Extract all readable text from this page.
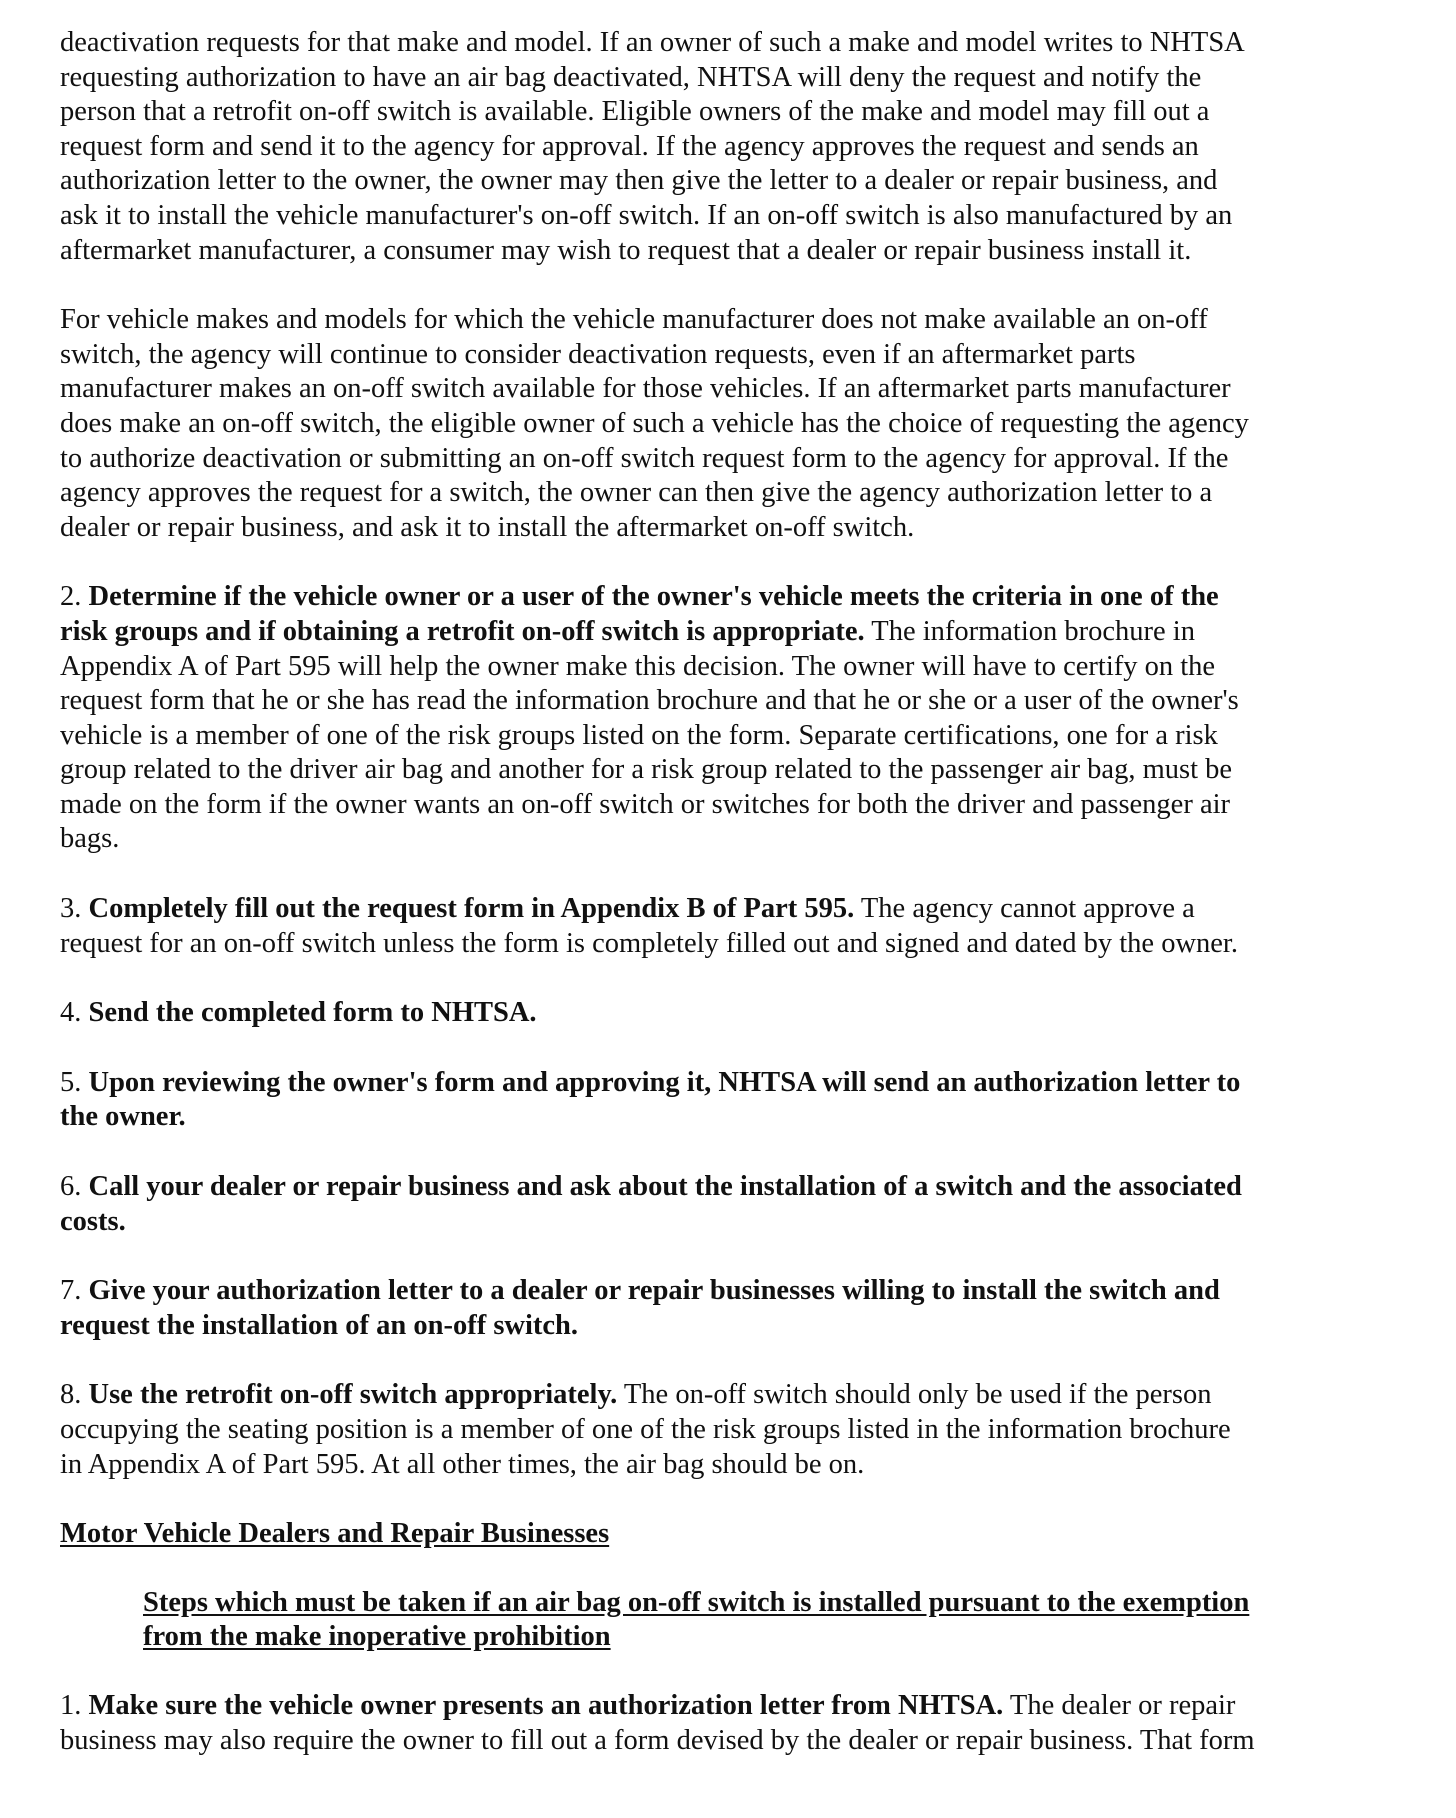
deactivation requests for that make and model. If an owner of such a make and model writes to NHTSA
requesting authorization to have an air bag deactivated, NHTSA will deny the request and notify the
person that a retrofit on-off switch is available. Eligible owners of the make and model may fill out a
request form and send it to the agency for approval. If the agency approves the request and sends an
authorization letter to the owner, the owner may then give the letter to a dealer or repair business, and
ask it to install the vehicle manufacturer's on-off switch. If an on-off switch is also manufactured by an
aftermarket manufacturer, a consumer may wish to request that a dealer or repair business install it.

For vehicle makes and models for which the vehicle manufacturer does not make available an on-off
switch, the agency will continue to consider deactivation requests, even if an aftermarket parts
manufacturer makes an on-off switch available for those vehicles. If an aftermarket parts manufacturer
does make an on-off switch, the eligible owner of such a vehicle has the choice of requesting the agency
to authorize deactivation or submitting an on-off switch request form to the agency for approval. If the
agency approves the request for a switch, the owner can then give the agency authorization letter to a
dealer or repair business, and ask it to install the aftermarket on-off switch.

2. Determine if the vehicle owner or a user of the owner's vehicle meets the criteria in one of the
risk groups and if obtaining a retrofit on-off switch is appropriate. The information brochure in
Appendix A of Part 595 will help the owner make this decision. The owner will have to certify on the
request form that he or she has read the information brochure and that he or she or a user of the owner's
vehicle is a member of one of the risk groups listed on the form. Separate certifications, one for a risk
group related to the driver air bag and another for a risk group related to the passenger air bag, must be
made on the form if the owner wants an on-off switch or switches for both the driver and passenger air
bags.

3. Completely fill out the request form in Appendix B of Part 595. The agency cannot approve a
request for an on-off switch unless the form is completely filled out and signed and dated by the owner.

4. Send the completed form to NHTSA.

5. Upon reviewing the owner's form and approving it, NHTSA will send an authorization letter to
the owner.

6. Call your dealer or repair business and ask about the installation of a switch and the associated
costs.

7. Give your authorization letter to a dealer or repair businesses willing to install the switch and
request the installation of an on-off switch.

8. Use the retrofit on-off switch appropriately. The on-off switch should only be used if the person
occupying the seating position is a member of one of the risk groups listed in the information brochure
in Appendix A of Part 595. At all other times, the air bag should be on.

Motor Vehicle Dealers and Repair Businesses

Steps which must be taken if an air bag on-off switch is installed pursuant to the exemption
from the make inoperative prohibition

1. Make sure the vehicle owner presents an authorization letter from NHTSA. The dealer or repair
business may also require the owner to fill out a form devised by the dealer or repair business. That form
